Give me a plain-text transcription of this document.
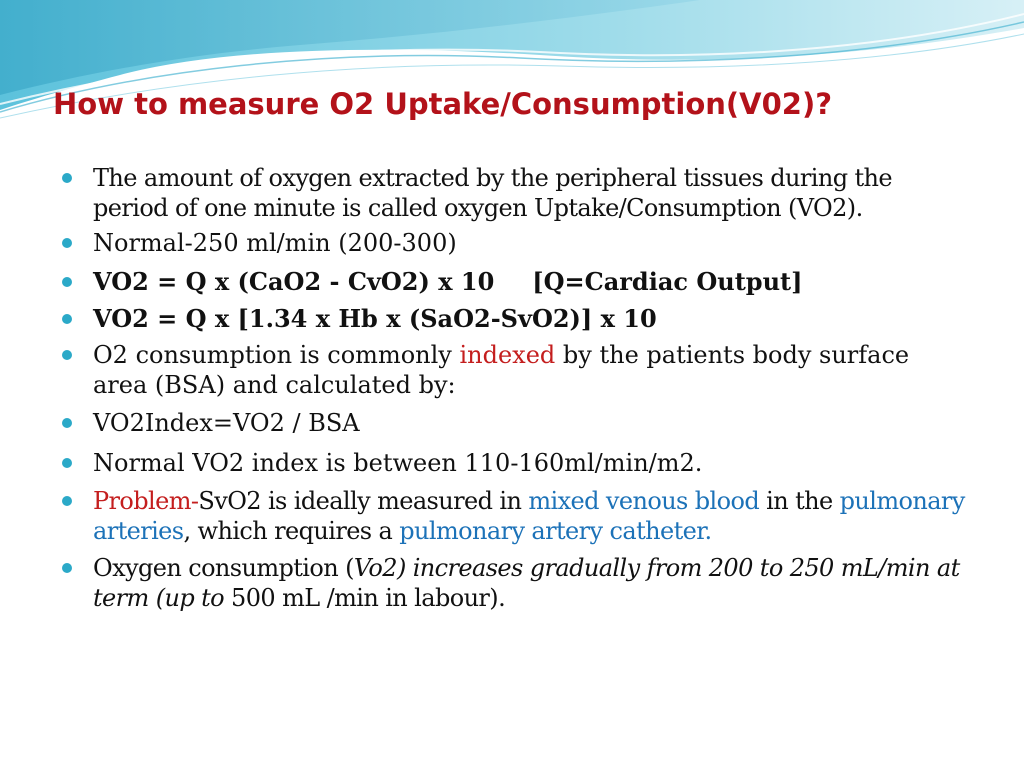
How to measure O2 Uptake/Consumption(V02)?
The amount of oxygen extracted by the peripheral tissues during the period of one minute is called oxygen Uptake/Consumption (VO2).
Normal-250 ml/min (200-300)
VO2 = Q x (CaO2 - CvO2) x 10 [Q=Cardiac Output]
VO2 = Q x [1.34 x Hb x (SaO2-SvO2)] x 10
O2 consumption is commonly indexed by the patients body surface area (BSA) and calculated by:
VO2Index=VO2 / BSA
Normal VO2 index is between 110-160ml/min/m2.
Problem-SvO2 is ideally measured in mixed venous blood in the pulmonary arteries, which requires a pulmonary artery catheter.
Oxygen consumption (Vo2) increases gradually from 200 to 250 mL/min at term (up to 500 mL /min in labour).
